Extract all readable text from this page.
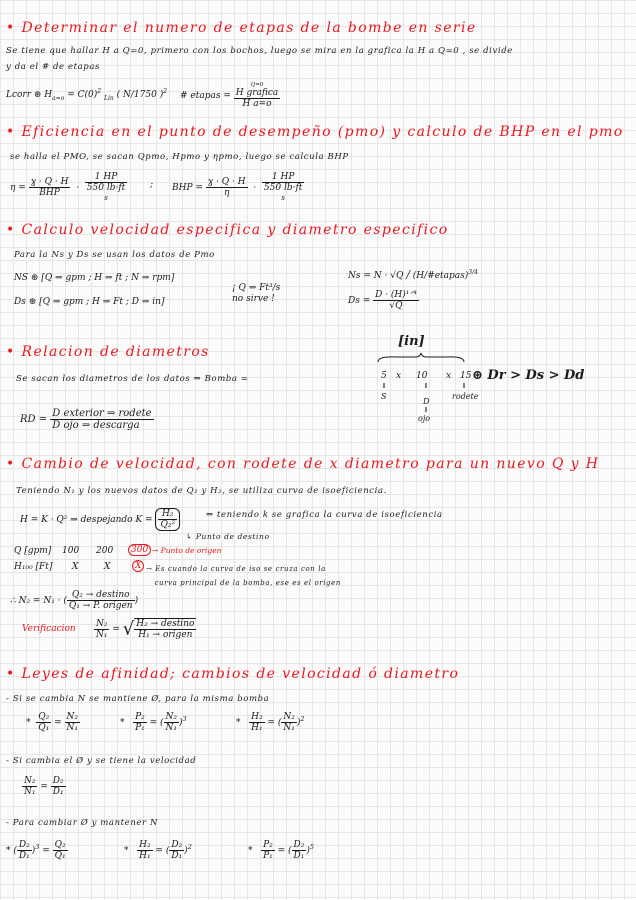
• Determinar el numero de etapas de la bombe en serie
Se tiene que hallar H a Q=0, primero con los bochos, luego se mira en la grafica la H a Q=0 , se divide
y da el # de etapas
Lcorr ⊛ $H_{a=o} = C(0)^2$ $_{Lin}$ ( N/1750 )$^2$ # etapas =
Q=0
H grafica
H a=o
• Eficiencia en el punto de desempeño (pmo) y calculo de BHP en el pmo
se halla el PMO, se sacan Qpmo, Hpmo y ηpmo, luego se calcula BHP
$\eta = \frac{\text{ɣ · Q · H}}{\text{BHP}}$ ·
1 HP
550 lb·ft
s
; BHP = $\frac{\text{ɣ · Q · H}}{\eta}$ ·
1 HP
550 lb·ft
s
• Calculo velocidad especifica y diametro especifico
Para la Ns y Ds se usan los datos de Pmo
NS ⊛ [Q ⇒ gpm ; H ⇒ ft ; N ⇒ rpm]
Ds ⊛ [Q ⇒ gpm ; H ⇒ Ft ; D ⇒ in]
¡ Q ⇒ Ft³/s
no sirve !
Ns = N · √Q / (H/#etapas)$^{3/4}$
$Ds = \frac{\text{D · (H)¹ᐟ⁴}}{√Q}$
[in]
• Relacion de diametros
Se sacan los diametros de los datos ⇒ Bomba =	5 x 10 x 15 ⊛ Dr > Ds > Dd
⇓
S
⇓
D
⇓
ojo
⇓
rodete
RD = $\frac{\text{D exterior ⇒ rodete}}{\text{D ojo ⇒ descarga}}$
• Cambio de velocidad, con rodete de x diametro para un nuevo Q y H
Teniendo N₁ y los nuevos datos de Q₂ y H₂, se utiliza curva de isoeficiencia.
H = K · Q² ⇒ despejando $K = \frac{\text{H₂}}{\text{Q₂²}}$	⇒ teniendo k se grafica la curva de isoeficiencia
↳ Punto de destino
Q [gpm] 100 200	300 → Punto de origen
H₁₀₀ [Ft] X	X	X → Es cuando la curva de iso se cruza con la
curva principal de la bomba, ese es el origen
∴ N₂ = N₁ · ( $\frac{\text{Q₂ → destino}}{\text{Q₁ → P. origen}}$ )
Verificacion $\frac{\text{N₂}}{\text{N₁}}$ = √ $\frac{\text{H₂ → destino}}{\text{H₁ → origen}}$
• Leyes de afinidad; cambios de velocidad ó diametro
- Si se cambia N se mantiene Ø, para la misma bomba
* $\frac{\text{Q₂}}{\text{Q₁}} = \frac{\text{N₂}}{\text{N₁}}$	* $\frac{\text{P₂}}{\text{P₁}}$ = ( $\frac{\text{N₂}}{\text{N₁}} )^3$	* $\frac{\text{H₂}}{\text{H₁}}$ = ( $\frac{\text{N₂}}{\text{N₁}} )^2$
- Si cambia el Ø y se tiene la velocidad
$\frac{\text{N₂}}{\text{N₁}} = \frac{\text{D₂}}{\text{D₁}}$
- Para cambiar Ø y mantener N
* ( $\frac{\text{D₂}}{\text{D₁}} )^3 = \frac{\text{Q₂}}{\text{Q₁}}$	* $\frac{\text{H₂}}{\text{H₁}}$ = ( $\frac{\text{D₂}}{\text{D₁}} )^2$	* $\frac{\text{P₂}}{\text{P₁}}$ = ( $\frac{\text{D₂}}{\text{D₁}} )^5$
